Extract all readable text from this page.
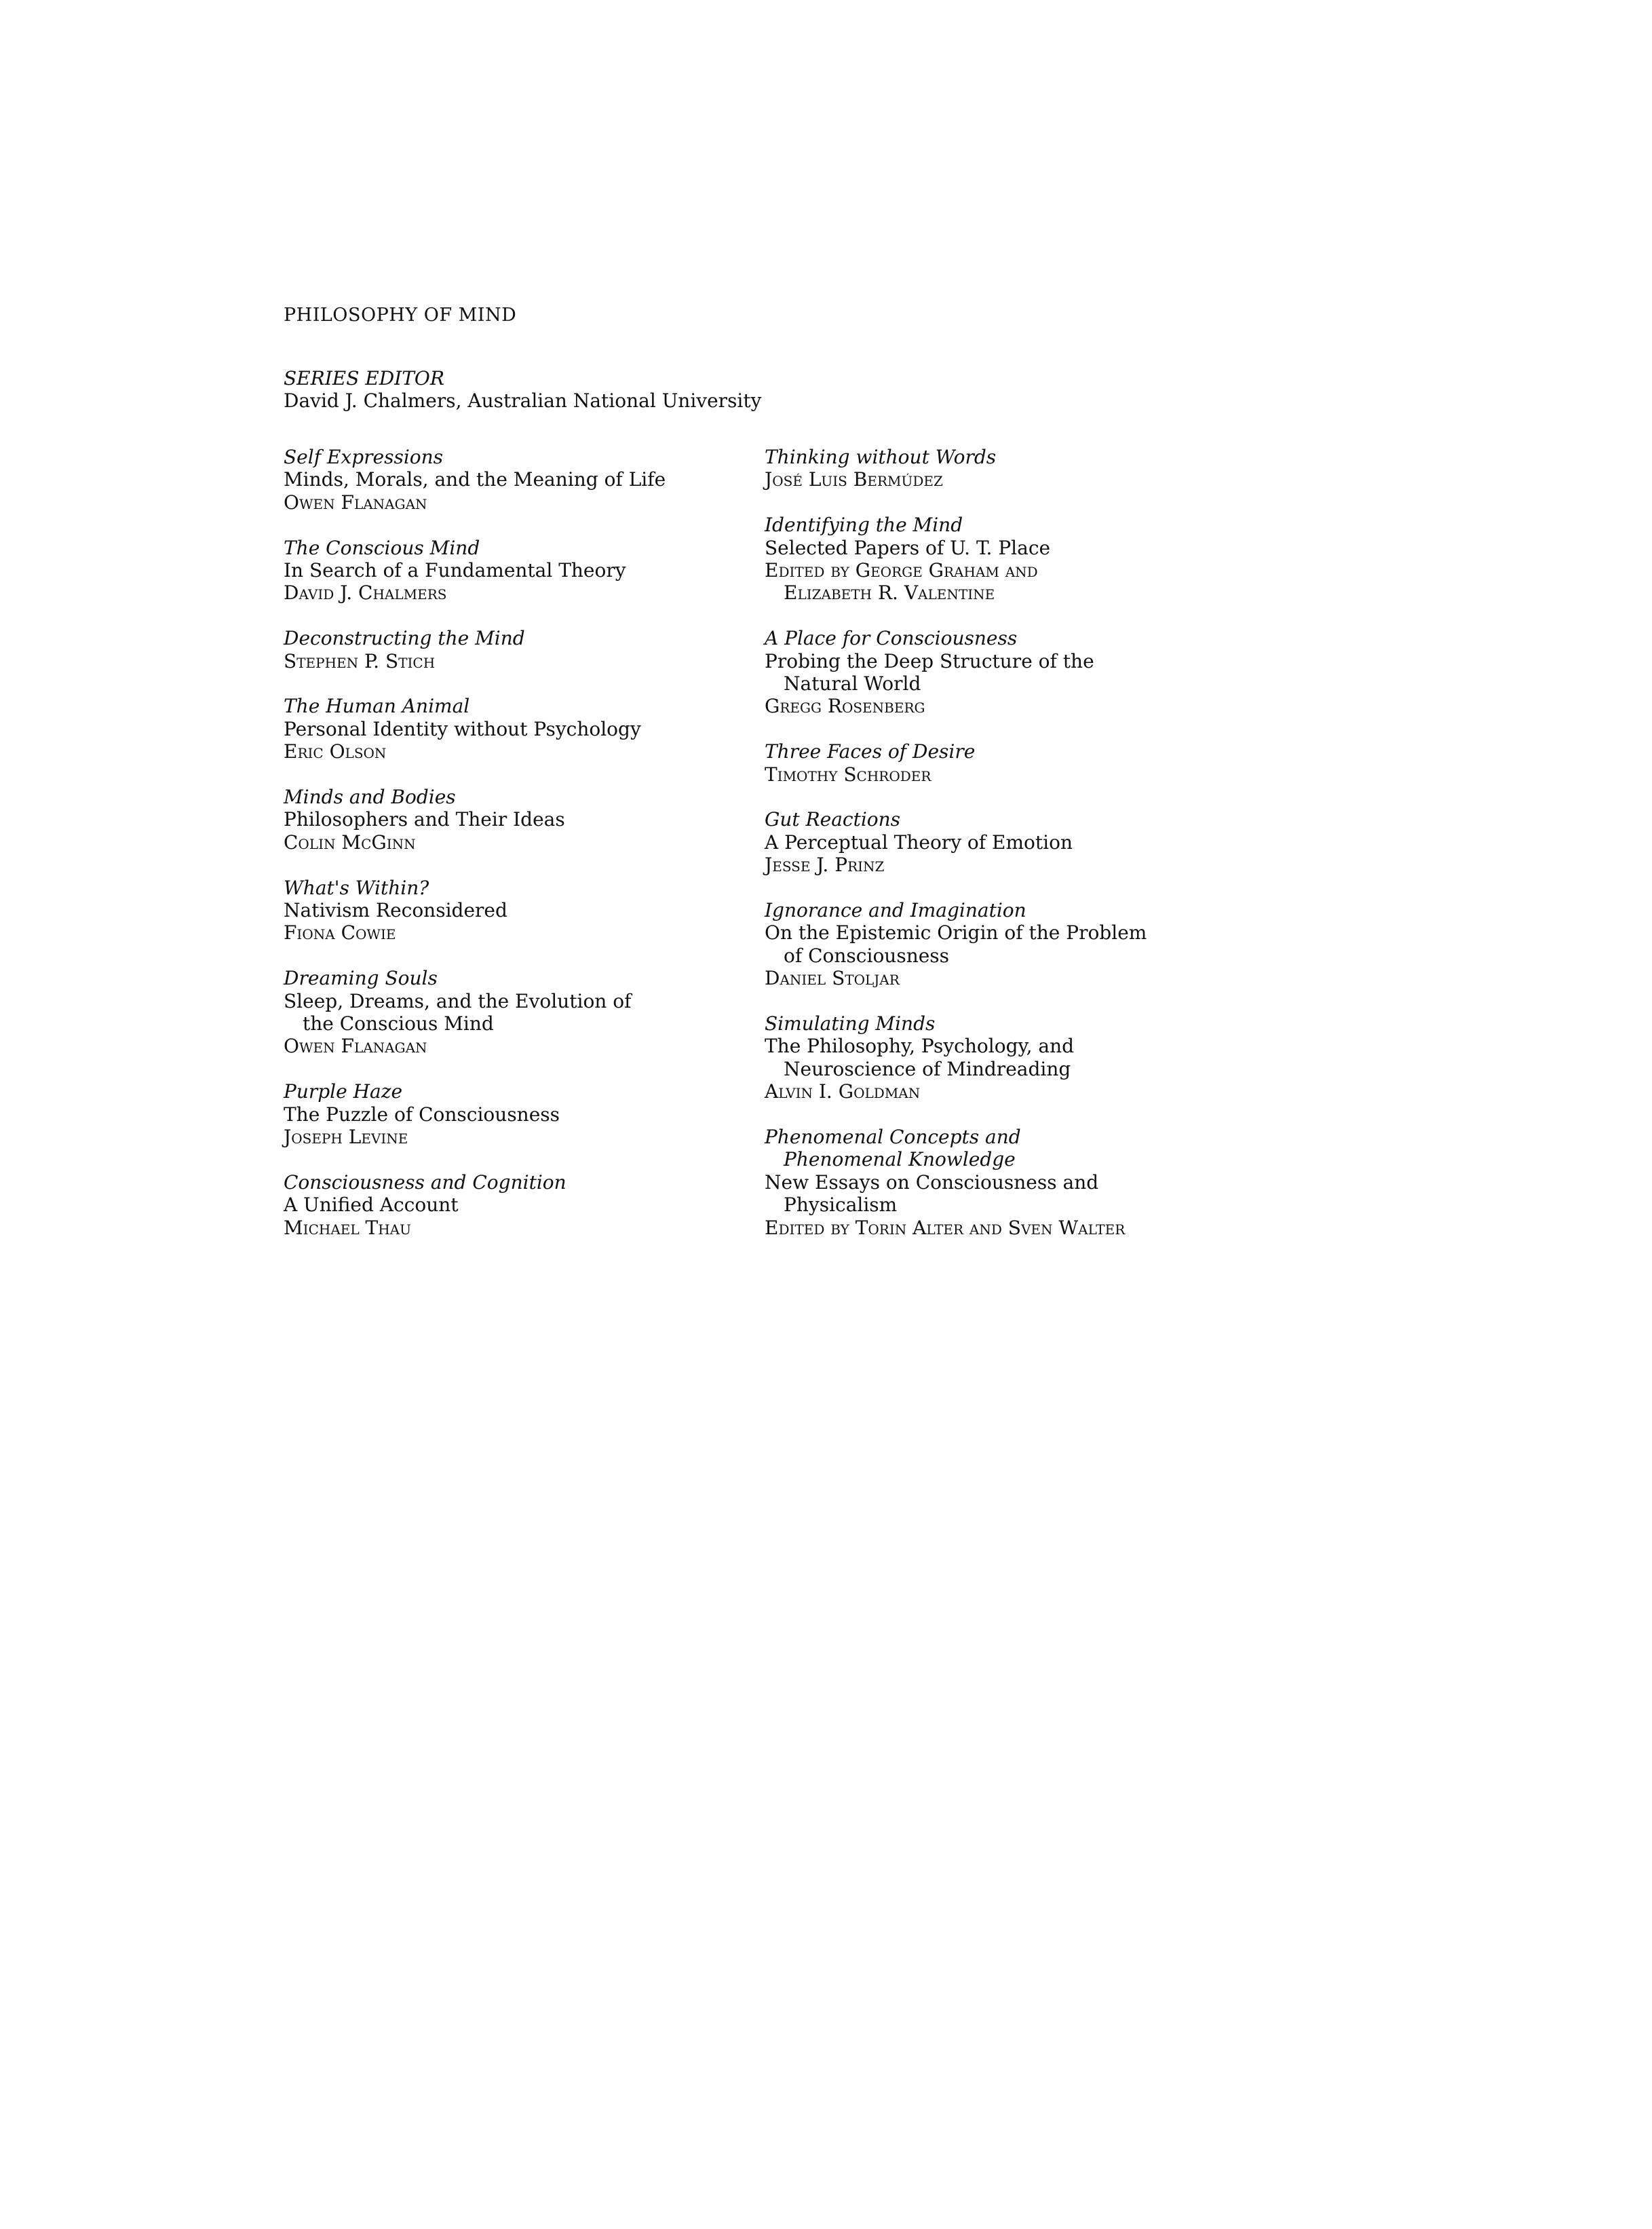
PHILOSOPHY OF MIND
SERIES EDITOR
David J. Chalmers, Australian National University
Self Expressions
Minds, Morals, and the Meaning of Life
Owen Flanagan
The Conscious Mind
In Search of a Fundamental Theory
David J. Chalmers
Deconstructing the Mind
Stephen P. Stich
The Human Animal
Personal Identity without Psychology
Eric Olson
Minds and Bodies
Philosophers and Their Ideas
Colin McGinn
What's Within?
Nativism Reconsidered
Fiona Cowie
Dreaming Souls
Sleep, Dreams, and the Evolution of the Conscious Mind
Owen Flanagan
Purple Haze
The Puzzle of Consciousness
Joseph Levine
Consciousness and Cognition
A Unified Account
Michael Thau
Thinking without Words
José Luis Bermúdez
Identifying the Mind
Selected Papers of U. T. Place
Edited by George Graham and Elizabeth R. Valentine
A Place for Consciousness
Probing the Deep Structure of the Natural World
Gregg Rosenberg
Three Faces of Desire
Timothy Schroder
Gut Reactions
A Perceptual Theory of Emotion
Jesse J. Prinz
Ignorance and Imagination
On the Epistemic Origin of the Problem of Consciousness
Daniel Stoljar
Simulating Minds
The Philosophy, Psychology, and Neuroscience of Mindreading
Alvin I. Goldman
Phenomenal Concepts and Phenomenal Knowledge
New Essays on Consciousness and Physicalism
Edited by Torin Alter and Sven Walter
